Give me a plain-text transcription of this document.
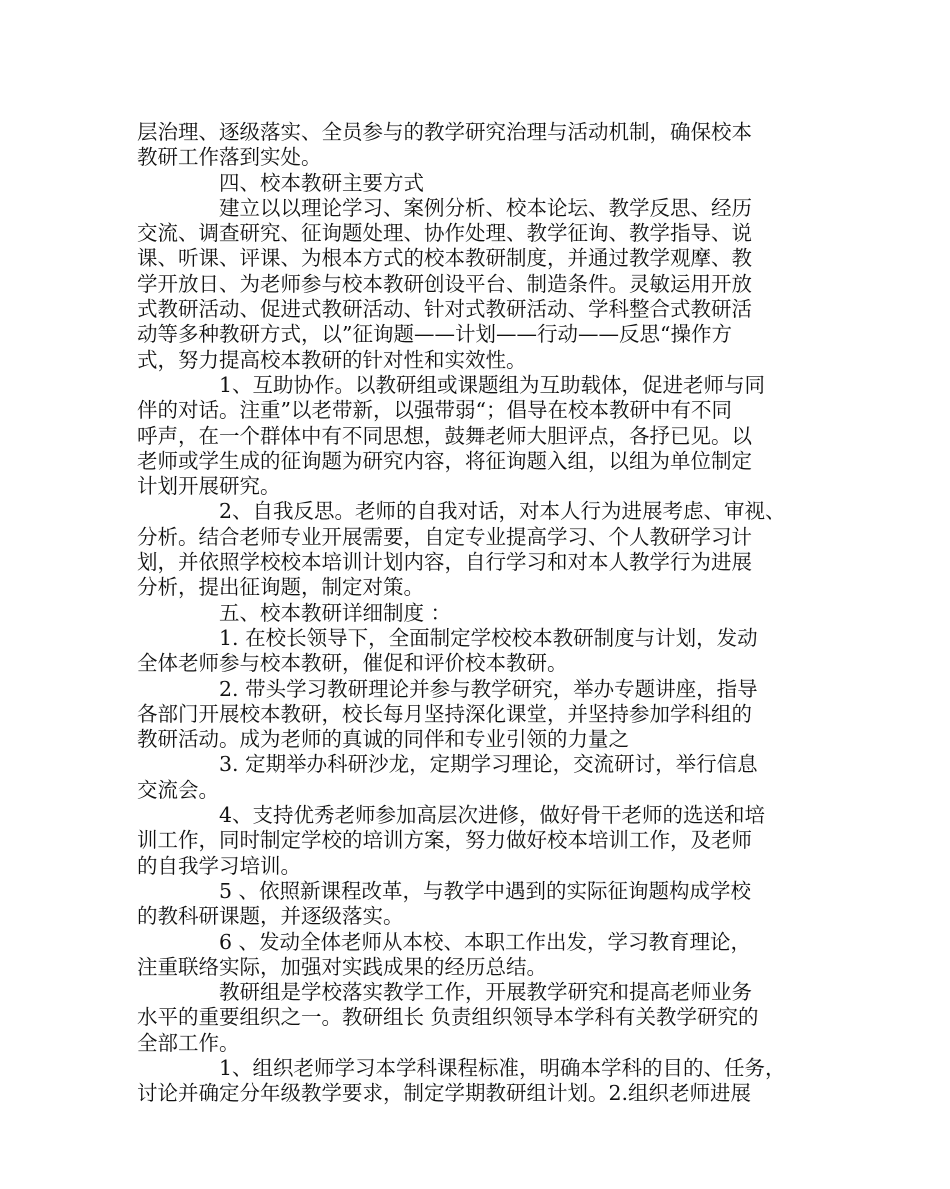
层治理、逐级落实、全员参与的教学研究治理与活动机制，确保校本
教研工作落到实处。
四、校本教研主要方式
建立以以理论学习、案例分析、校本论坛、教学反思、经历
交流、调查研究、征询题处理、协作处理、教学征询、教学指导、说
课、听课、评课、为根本方式的校本教研制度，并通过教学观摩、教
学开放日、为老师参与校本教研创设平台、制造条件。灵敏运用开放
式教研活动、促进式教研活动、针对式教研活动、学科整合式教研活
动等多种教研方式，以”征询题——计划——行动——反思“操作方
式，努力提高校本教研的针对性和实效性。
1、互助协作。以教研组或课题组为互助载体，促进老师与同
伴的对话。注重”以老带新，以强带弱“；倡导在校本教研中有不同
呼声，在一个群体中有不同思想，鼓舞老师大胆评点，各抒已见。以
老师或学生成的征询题为研究内容，将征询题入组，以组为单位制定
计划开展研究。
2、自我反思。老师的自我对话，对本人行为进展考虑、审视、
分析。结合老师专业开展需要，自定专业提高学习、个人教研学习计
划，并依照学校校本培训计划内容，自行学习和对本人教学行为进展
分析，提出征询题，制定对策。
五、校本教研详细制度 ：
1. 在校长领导下，全面制定学校校本教研制度与计划，发动
全体老师参与校本教研，催促和评价校本教研。
2. 带头学习教研理论并参与教学研究，举办专题讲座，指导
各部门开展校本教研，校长每月坚持深化课堂，并坚持参加学科组的
教研活动。成为老师的真诚的同伴和专业引领的力量之
3. 定期举办科研沙龙，定期学习理论，交流研讨，举行信息
交流会。
4、支持优秀老师参加高层次进修，做好骨干老师的选送和培
训工作，同时制定学校的培训方案，努力做好校本培训工作，及老师
的自我学习培训。
5 、依照新课程改革，与教学中遇到的实际征询题构成学校
的教科研课题，并逐级落实。
6 、发动全体老师从本校、本职工作出发，学习教育理论，
注重联络实际，加强对实践成果的经历总结。
教研组是学校落实教学工作，开展教学研究和提高老师业务
水平的重要组织之一。教研组长 负责组织领导本学科有关教学研究的
全部工作。
1、组织老师学习本学科课程标准，明确本学科的目的、任务，
讨论并确定分年级教学要求，制定学期教研组计划。2.组织老师进展
